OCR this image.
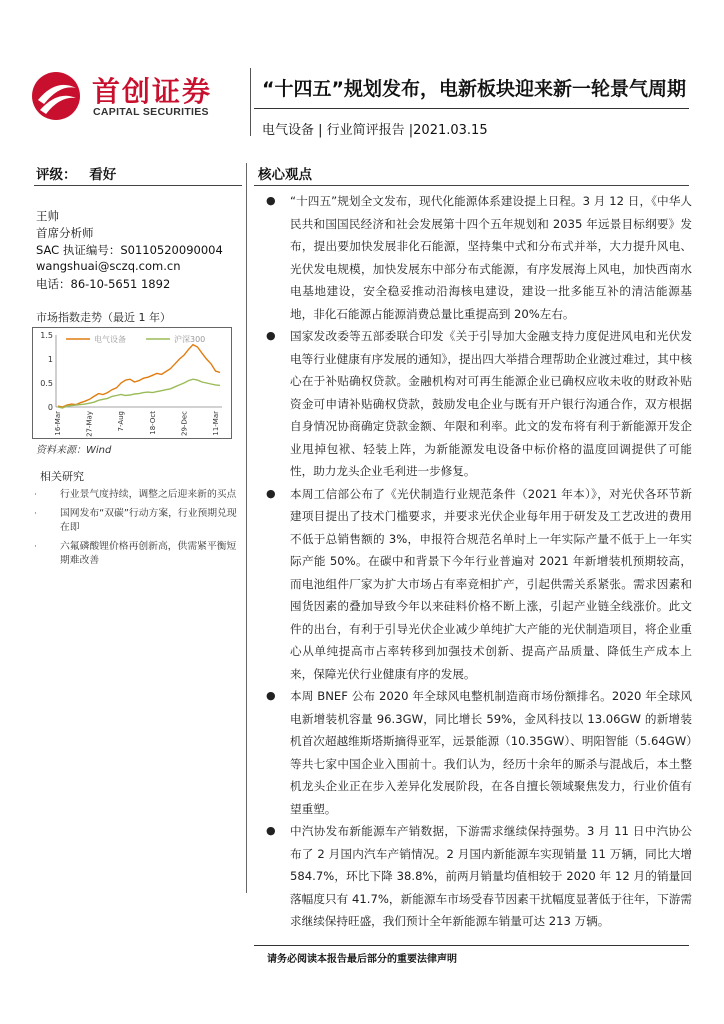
首创证券
CAPITAL SECURITIES
“十四五”规划发布，电新板块迎来新一轮景气周期
电气设备 | 行业简评报告 |2021.03.15
评级： 看好
王帅
首席分析师
SAC 执证编号：S0110520090004
wangshuai@sczq.com.cn
电话：86-10-5651 1892
市场指数走势（最近 1 年）
0
0.5
1
1.5
16-Mar	27-May	7-Aug	18-Oct	29-Dec	11-Mar
电气设备	沪深300
资料来源：Wind
相关研究
· 行业景气度持续，调整之后迎来新的买点
· 国网发布“双碳”行动方案，行业预期兑现在即
· 六氟磷酸锂价格再创新高，供需紧平衡短期难改善
核心观点
● “十四五”规划全文发布，现代化能源体系建设提上日程。3 月 12 日，《中华人民共和国国民经济和社会发展第十四个五年规划和 2035 年远景目标纲要》发布，提出要加快发展非化石能源，坚持集中式和分布式并举，大力提升风电、光伏发电规模，加快发展东中部分布式能源，有序发展海上风电，加快西南水电基地建设，安全稳妥推动沿海核电建设，建设一批多能互补的清洁能源基地，非化石能源占能源消费总量比重提高到 20%左右。
● 国家发改委等五部委联合印发《关于引导加大金融支持力度促进风电和光伏发电等行业健康有序发展的通知》，提出四大举措合理帮助企业渡过难过，其中核心在于补贴确权贷款。金融机构对可再生能源企业已确权应收未收的财政补贴资金可申请补贴确权贷款，鼓励发电企业与既有开户银行沟通合作，双方根据自身情况协商确定贷款金额、年限和利率。此文的发布将有利于新能源开发企业甩掉包袱、轻装上阵，为新能源发电设备中标价格的温度回调提供了可能性，助力龙头企业毛利进一步修复。
● 本周工信部公布了《光伏制造行业规范条件（2021 年本）》，对光伏各环节新建项目提出了技术门槛要求，并要求光伏企业每年用于研发及工艺改进的费用不低于总销售额的 3%，申报符合规范名单时上一年实际产量不低于上一年实际产能 50%。在碳中和背景下今年行业普遍对 2021 年新增装机预期较高，而电池组件厂家为扩大市场占有率竞相扩产，引起供需关系紧张。需求因素和囤货因素的叠加导致今年以来硅料价格不断上涨，引起产业链全线涨价。此文件的出台，有利于引导光伏企业减少单纯扩大产能的光伏制造项目，将企业重心从单纯提高市占率转移到加强技术创新、提高产品质量、降低生产成本上来，保障光伏行业健康有序的发展。
● 本周 BNEF 公布 2020 年全球风电整机制造商市场份额排名。2020 年全球风电新增装机容量 96.3GW，同比增长 59%，金风科技以 13.06GW 的新增装机首次超越维斯塔斯摘得亚军，远景能源（10.35GW）、明阳智能（5.64GW）等共七家中国企业入围前十。我们认为，经历十余年的厮杀与混战后，本土整机龙头企业正在步入差异化发展阶段，在各自擅长领域聚焦发力，行业价值有望重塑。
● 中汽协发布新能源车产销数据，下游需求继续保持强势。3 月 11 日中汽协公布了 2 月国内汽车产销情况。2 月国内新能源车实现销量 11 万辆，同比大增 584.7%，环比下降 38.8%，前两月销量均值相较于 2020 年 12 月的销量回落幅度只有 41.7%，新能源车市场受春节因素干扰幅度显著低于往年，下游需求继续保持旺盛，我们预计全年新能源车销量可达 213 万辆。
请务必阅读本报告最后部分的重要法律声明
